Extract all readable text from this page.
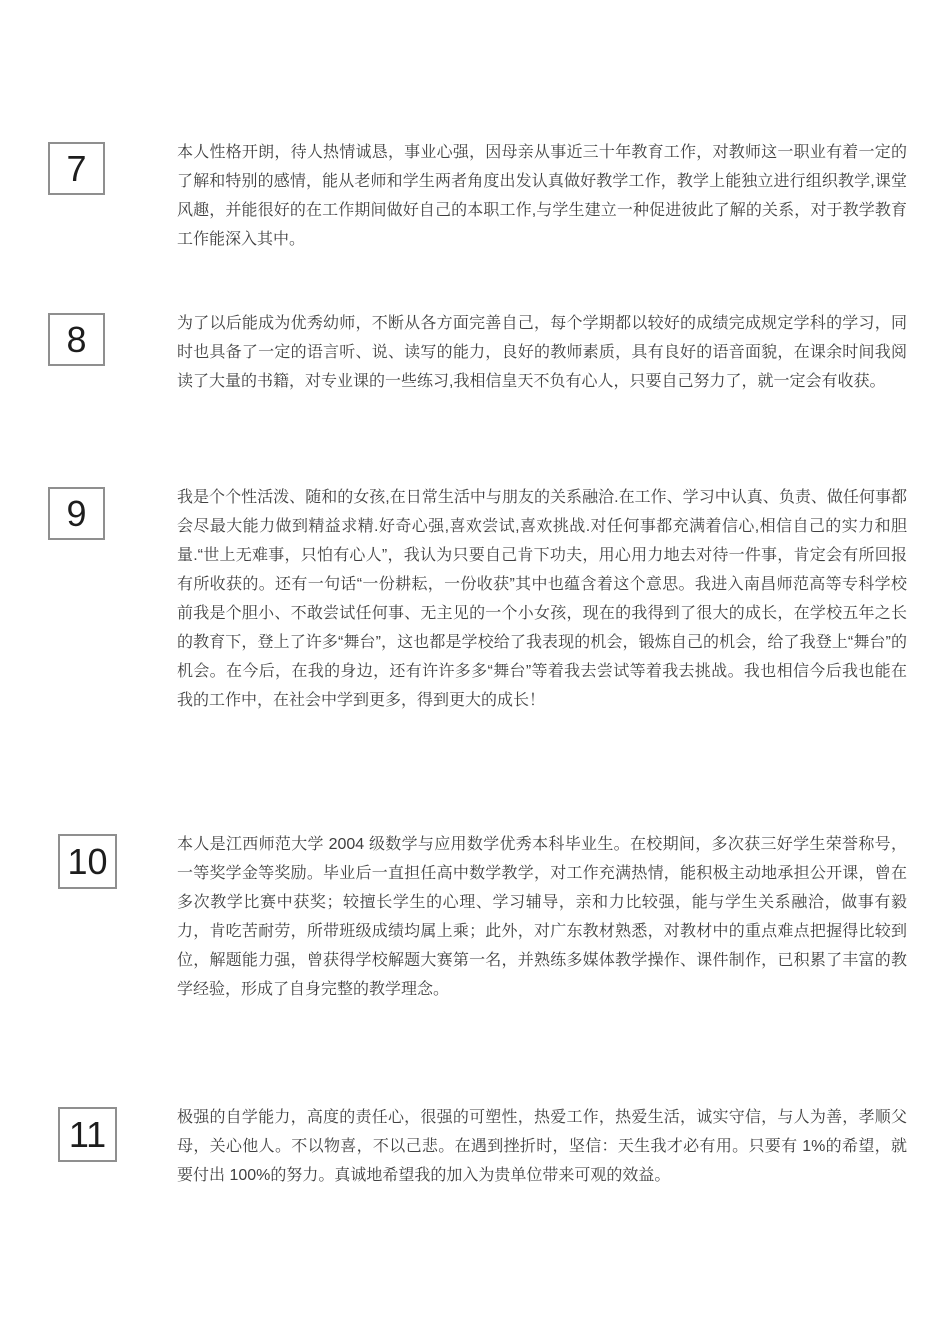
7	本人性格开朗，待人热情诚恳，事业心强，因母亲从事近三十年教育工作，对教师这一职业有着一定的了解和特别的感情，能从老师和学生两者角度出发认真做好教学工作，教学上能独立进行组织教学,课堂风趣，并能很好的在工作期间做好自己的本职工作,与学生建立一种促进彼此了解的关系，对于教学教育工作能深入其中。

8	为了以后能成为优秀幼师，不断从各方面完善自己，每个学期都以较好的成绩完成规定学科的学习，同时也具备了一定的语言听、说、读写的能力，良好的教师素质，具有良好的语音面貌，在课余时间我阅读了大量的书籍，对专业课的一些练习,我相信皇天不负有心人，只要自己努力了，就一定会有收获。

9	我是个个性活泼、随和的女孩,在日常生活中与朋友的关系融洽.在工作、学习中认真、负责、做任何事都会尽最大能力做到精益求精.好奇心强,喜欢尝试,喜欢挑战.对任何事都充满着信心,相信自己的实力和胆量.“世上无难事，只怕有心人”，我认为只要自己肯下功夫，用心用力地去对待一件事，肯定会有所回报有所收获的。还有一句话“一份耕耘，一份收获”其中也蕴含着这个意思。我进入南昌师范高等专科学校前我是个胆小、不敢尝试任何事、无主见的一个小女孩，现在的我得到了很大的成长，在学校五年之长的教育下，登上了许多“舞台”，这也都是学校给了我表现的机会，锻炼自己的机会，给了我登上“舞台”的机会。在今后，在我的身边，还有许许多多“舞台”等着我去尝试等着我去挑战。我也相信今后我也能在我的工作中，在社会中学到更多，得到更大的成长！

10	本人是江西师范大学 2004 级数学与应用数学优秀本科毕业生。在校期间，多次获三好学生荣誉称号，一等奖学金等奖励。毕业后一直担任高中数学教学，对工作充满热情，能积极主动地承担公开课，曾在多次教学比赛中获奖；较擅长学生的心理、学习辅导，亲和力比较强，能与学生关系融洽，做事有毅力，肯吃苦耐劳，所带班级成绩均属上乘；此外，对广东教材熟悉，对教材中的重点难点把握得比较到位，解题能力强，曾获得学校解题大赛第一名，并熟练多媒体教学操作、课件制作，已积累了丰富的教学经验，形成了自身完整的教学理念。

11	极强的自学能力，高度的责任心，很强的可塑性，热爱工作，热爱生活，诚实守信，与人为善，孝顺父母，关心他人。不以物喜，不以己悲。在遇到挫折时，坚信：天生我才必有用。只要有 1%的希望，就要付出 100%的努力。真诚地希望我的加入为贵单位带来可观的效益。
